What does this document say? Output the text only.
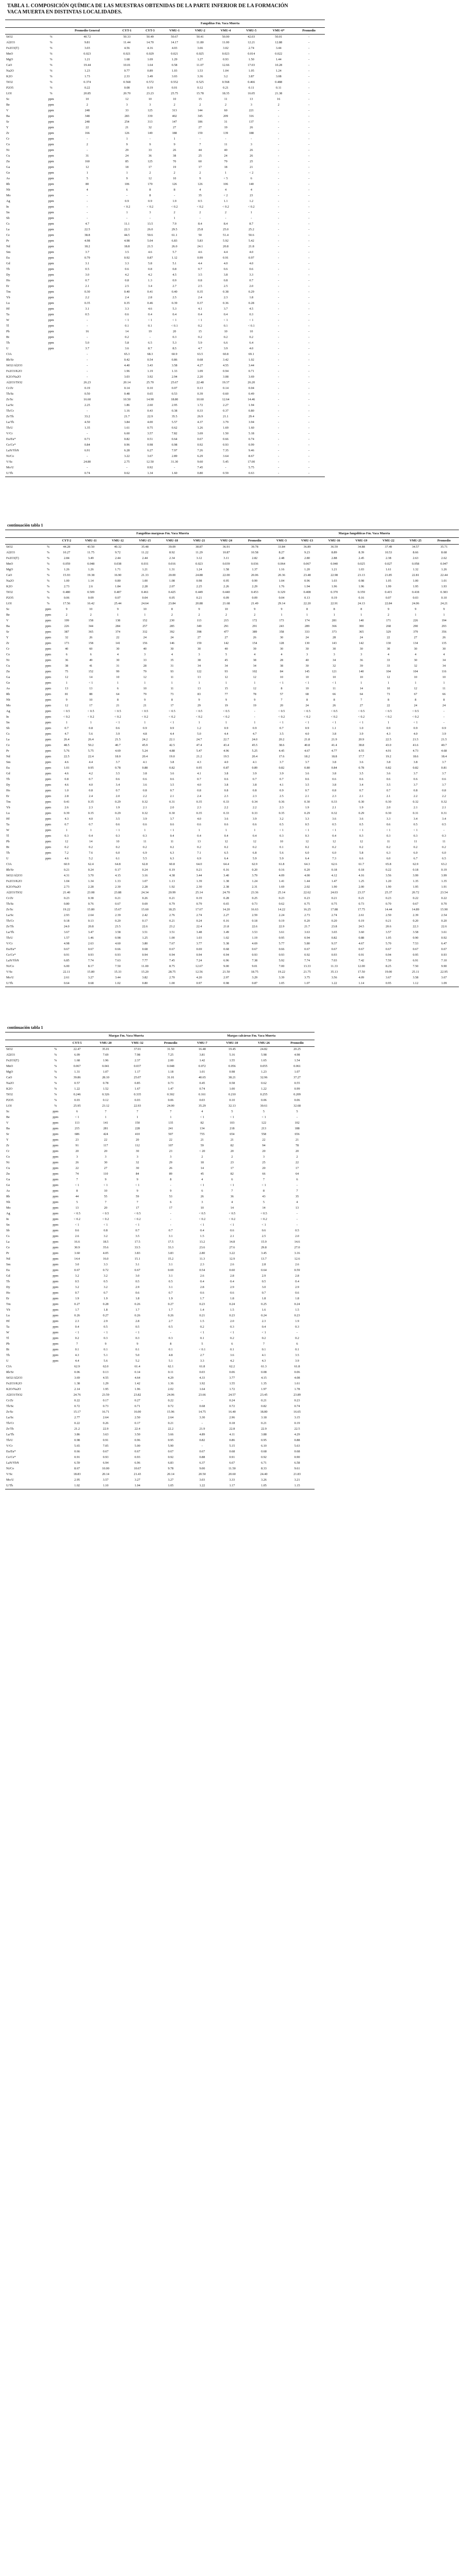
TABLA 1. COMPOSICIÓN QUÍMICA DE LAS MUESTRAS OBTENIDAS DE LA PARTE INFERIOR DE LA FORMACIÓN VACA MUERTA EN DISTINTAS LOCALIDADES.
			Fangolitas Fm. Vaca Muerta							
		Promedio General	CYT-1	CYT-3	VMU-1	VMU-2	VMU-4	VMU-5	VMU-6*	Promedio
SiO2	%	40.72	50.33	50.49	50.67	50.41	50.00	42.03	50.01	-
Al2O3	%	9.81	11.44	14.70	14.17	11.80	11.00	12.21	12.88	-
Fe2O3(T)	%	3.03	4.56	4.16	4.03	3.66	3.02	2.74	3.44	-
MnO	%	0.023	0.021	0.029	0.021	0.025	0.023	0.014	0.022	-
MgO	%	1.21	1.68	1.69	1.29	1.27	0.93	1.50	1.44	-
CaO	%	19.44	10.01	1.64	0.58	11.07	12.66	17.03	10.28	-
Na2O	%	1.23	0.77	0.89	1.03	1.53	1.04	1.05	1.24	-
K2O	%	1.73	2.33	3.49	3.03	3.36	3.2	3.87	3.08	-
TiO2	%	0.374	0.568	0.572	0.552	0.525	0.568	0.466	0.488	-
P2O5	%	0.22	0.08	0.19	0.01	0.12	0.21	0.11	0.11	-
LOI	%	20.85	20.70	23.23	25.75	15.78	18.35	16.05	21.38	-
Sc	ppm	10	12	10	10	15	11	13	16	-
Be	ppm	2	3	3	2	2	2	3	2	-
V	ppm	248	33	125	313	144	60	221	-	-
Ba	ppm	348	283	339	402	345	209	316	-	-
Sr	ppm	248	254	313	147	186	31	137	-	-
Y	ppm	22	21	32	27	27	19	26	-	-
Zr	ppm	166	126	149	188	159	139	188	-	-
Cr	ppm	-	1	-	1	-	-	-	-	-
Co	ppm	2	9	9	9	7	11	3	-	-
Ni	ppm	-	29	33	26	44	40	26	-	-
Cu	ppm	31	24	36	38	25	24	26	-	-
Zn	ppm	160	85	125	70	60	79	25	-	-
Ga	ppm	12	18	17	19	17	18	21	-	-
Ge	ppm	1	1	2	2	2	1	< 2	-	-
As	ppm	5	9	12	10	9	< 5	6	-	-
Rb	ppm	80	106	170	126	126	106	140	-	-
Nb	ppm	4	6	8	8	4	4	4	-	-
Mo	ppm	-	-	8	-	35	< 2	23	-	-
Ag	ppm	-	0.9	0.9	1.9	0.5	1.1	1.2	-	-
In	ppm	-	< 0.2	< 0.2	< 0.2	< 0.2	< 0.2	< 0.2	-	-
Sn	ppm	-	1	3	2	2	2	1	-	-
Sb	ppm	-	-	-	1	-	-	-	-	-
Cs	ppm	4.7	11.1	13.5	7.9	8.4	8.4	8.7	-	-
La	ppm	22.5	22.3	26.0	29.5	25.8	25.0	25.2	-	-
Ce	ppm	38.8	44.5	50.6	61.1	50	51.4	50.6	-	-
Pr	ppm	4.98	4.98	5.04	6.83	5.83	5.92	5.42	-	-
Nd	ppm	18.2	18.8	21.5	26.0	24.1	20.8	21.8	-	-
Sm	ppm	3.7	3.5	4.6	5.7	4.6	4.4	4.0	-	-
Eu	ppm	0.79	0.92	0.87	1.12	0.99	0.91	0.97	-	-
Gd	ppm	3.1	3.3	5.8	5.1	4.4	4.0	4.0	-	-
Tb	ppm	0.5	0.6	0.8	0.8	0.7	0.6	0.6	-	-
Dy	ppm	3.0	4.2	4.2	4.5	3.5	3.8	3.3	-	-
Ho	ppm	0.7	0.8	1.3	0.9	0.8	0.8	0.7	-	-
Er	ppm	2.1	2.5	3.4	2.7	2.5	2.5	2.0	-	-
Tm	ppm	0.30	0.40	0.41	0.40	0.35	0.38	0.29	-	-
Yb	ppm	2.2	2.4	2.8	2.5	2.4	2.3	1.8	-	-
Lu	ppm	0.35	0.35	0.46	0.39	0.37	0.36	0.28	-	-
Hf	ppm	3.1	3.3	4.6	5.3	4.1	3.7	4.5	-	-
Ta	ppm	0.5	0.6	0.4	0.4	0.4	0.4	0.3	-	-
W	ppm	-	< 1	< 1	< 1	< 1	< 1	< 1	-	-
Tl	ppm	-	0.1	0.1	< 0.1	0.2	0.1	< 0.1	-	-
Pb	ppm	16	14	19	20	15	10	10	-	-
Bi	ppm	-	0.2	-	0.3	0.2	0.2	0.2	-	-
Th	ppm	5.0	5.8	6.5	5.3	5.9	6.6	6.4	-	-
U	ppm	3.7	3.6	8.7	8.5	4.7	3.9	4.0	-	-
CIA		-	65.3	68.3	60.9	63.5	60.8	69.1	-	-
Rb/Sr		-	0.42	0.54	0.86	0.68	3.42	1.02	-	-
SiO2/Al2O3		-	4.40	3.43	3.58	4.27	4.55	3.44	-	-
Fe2O3/K2O		-	1.96	1.19	1.33	1.09	0.94	0.71	-	-
K2O/Na2O		-	3.03	3.92	2.94	2.20	3.08	3.69	-	-
Al2O3/TiO2		26.23	20.14	25.70	25.67	22.48	19.37	26.20	-	-
Cr/Zr		0.19	0.14	0.10	0.07	0.13	0.14	0.04	-	-
Th/Sc		0.50	0.48	0.65	0.53	0.39	0.60	0.49	-	-
Zr/Sc		16.60	10.50	14.90	18.80	10.60	12.64	14.46	-	-
La/Sc		2.25	1.86	2.60	2.95	1.72	2.27	1.94	-	-
Th/Cr		-	1.16	0.43	0.38	0.33	0.37	0.80	-	-
Zr/Th		33.2	21.7	22.9	35.5	26.9	21.1	29.4	-	-
La/Th		4.50	3.84	4.00	5.57	4.37	3.79	3.94	-	-
Th/U		1.35	1.61	0.75	0.62	1.26	1.69	1.60	-	-
V/Cr		-	6.60	3.57	7.82	3.69	1.50	5.18	-	-
Eu/Eu*		0.71	0.82	0.51	0.64	0.67	0.66	0.74	-	-
Ce/Ce*		0.84	0.96	0.98	0.98	0.92	0.93	0.99	-	-
LaN/YbN		6.91	6.28	6.27	7.97	7.26	7.35	9.46	-	-
Ni/Co		-	3.22	3.67	2.89	6.29	3.64	8.67	-	-
V/Sc		24.80	2.75	12.50	31.30	9.60	5.45	17.00	-	-
Mo/U		-	-	0.92	-	7.45	-	5.75	-	-
U/Th		0.74	0.62	1.34	1.60	0.80	0.59	0.63	-	-
continuación tabla 1
		Fangolitas margosas Fm. Vaca Muerta								Margas fangolíticas Fm. Vaca Muerta						
		CYT-2	VMU-11	VMU-12	VMU-15	VMU-18	VMU-21	VMU-24	Promedio	VMU-3	VMU-13	VMU-16	VMU-19	VMU-22	VMU-25	Promedio
SiO2	%	44.28	43.50	40.32	35.48	39.09	38.87	36.91	39.78	33.84	36.89	36.59	34.88	37.49	34.57	35.71
Al2O3	%	10.27	11.75	9.72	11.22	8.92	11.29	10.87	10.58	8.27	9.23	8.89	8.39	10.53	8.66	8.68
Fe2O3(T)	%	2.84	3.49	2.44	2.44	2.34	3.12	3.11	2.82	2.48	2.80	2.88	2.45	2.38	2.63	2.62
MnO	%	0.059	0.048	0.038	0.031	0.016	0.023	0.039	0.036	0.064	0.067	0.040	0.025	0.027	0.058	0.047
MgO	%	1.26	1.26	1.71	1.21	1.31	1.24	1.58	1.37	1.16	1.20	1.21	1.03	1.61	1.32	1.26
CaO	%	15.93	19.38	16.90	21.33	20.00	24.88	22.00	20.06	20.36	23.48	22.98	23.13	21.85	22.81	22.44
Na2O	%	1.00	1.14	0.80	1.00	1.08	0.98	0.95	0.99	1.04	0.96	1.03	0.98	1.05	1.00	1.01
K2O	%	2.73	2.6	1.84	2.28	2.07	2.25	2.26	2.29	1.76	1.94	1.96	1.96	1.99	1.95	1.93
TiO2	%	0.480	0.509	0.407	0.461	0.425	0.449	0.440	0.453	0.329	0.408	0.370	0.359	0.415	0.418	0.383
P2O5	%	0.06	0.09	0.07	0.04	0.05	0.21	0.09	0.09	0.04	0.13	0.19	0.16	0.07	0.03	0.10
LOI	%	17.56	16.42	25.44	24.64	23.84	20.88	21.68	21.49	29.14	22.20	22.91	24.13	22.84	24.06	24.21
Sc	ppm	9	10	9	10	8	9	10	9	9	8	8	8	9	9	9
Be	ppm	2	2	1	1	2	2	2	2	1	1	1	1	2	1	1
V	ppm	199	158	138	152	230	113	215	172	173	174	281	140	171	226	194
Ba	ppm	226	344	284	257	285	349	291	291	243	289	366	300	268	290	293
Sr	ppm	387	365	374	332	392	398	477	389	358	333	373	365	329	379	356
Y	ppm	32	26	22	24	24	27	27	26	30	24	28	24	22	27	26
Zr	ppm	173	158	141	156	146	159	142	154	128	130	143	142	130	134	135
Cr	ppm	40	60	30	40	30	30	40	39	30	30	30	30	30	30	30
Co	ppm	6	6	4	3	4	3	5	4	4	3	3	3	4	4	4
Ni	ppm	36	49	30	33	35	38	45	38	28	40	34	36	33	30	34
Cu	ppm	38	41	31	28	31	34	34	34	38	30	32	39	33	32	34
Zn	ppm	75	152	99	79	93	122	93	102	84	145	121	140	104	104	116
Ga	ppm	12	14	10	12	11	13	12	12	10	10	10	10	12	10	10
Ge	ppm	1	< 1	1	1	1	1	1	1	< 1	< 1	< 1	1	1	1	1
As	ppm	13	13	6	10	11	13	15	12	8	10	11	14	10	12	11
Rb	ppm	81	88	64	79	73	83	77	78	57	68	66	64	73	67	66
Nb	ppm	9	10	8	9	8	9	9	9	7	8	8	7	8	8	8
Mo	ppm	12	17	21	21	17	29	19	19	20	24	26	27	22	24	24
Ag	ppm	< 0.5	< 0.5	< 0.5	< 0.5	< 0.5	< 0.5	< 0.5	-	< 0.5	< 0.5	< 0.5	< 0.5	< 0.5	< 0.5	-
In	ppm	< 0.2	< 0.2	< 0.2	< 0.2	< 0.2	< 0.2	< 0.2	-	< 0.2	< 0.2	< 0.2	< 0.2	< 0.2	< 0.2	-
Sn	ppm	1	1	< 1	1	< 1	1	1	1	< 1	< 1	< 1	< 1	1	< 1	-
Sb	ppm	0.7	0.8	0.6	0.9	0.9	1.2	0.9	0.9	0.7	0.9	1.1	1.0	0.9	0.9	0.9
Cs	ppm	4.7	5.6	3.9	4.8	4.4	5.0	4.4	4.7	3.5	4.0	3.8	3.9	4.3	4.0	3.9
La	ppm	26.4	26.4	21.5	24.2	22.1	24.7	22.7	24.0	20.2	21.8	21.9	20.9	22.5	21.5	21.5
Ce	ppm	48.5	50.2	40.7	45.9	42.5	47.4	43.4	45.5	38.6	40.8	41.4	38.8	43.0	41.6	40.7
Pr	ppm	5.76	5.75	4.69	5.24	4.88	5.47	4.96	5.25	4.45	4.67	4.77	4.55	4.91	4.73	4.68
Nd	ppm	22.5	22.4	18.0	20.4	19.0	21.2	19.5	20.4	17.6	18.2	18.8	17.7	19.2	18.6	18.4
Sm	ppm	4.6	4.4	3.7	4.1	3.8	4.3	4.0	4.1	3.7	3.7	3.8	3.6	3.8	3.8	3.7
Eu	ppm	1.01	0.95	0.78	0.88	0.82	0.95	0.87	0.89	0.82	0.80	0.84	0.78	0.82	0.82	0.81
Gd	ppm	4.6	4.2	3.5	3.8	3.6	4.1	3.8	3.9	3.9	3.6	3.8	3.5	3.6	3.7	3.7
Tb	ppm	0.8	0.7	0.6	0.6	0.6	0.7	0.6	0.7	0.7	0.6	0.6	0.6	0.6	0.6	0.6
Dy	ppm	4.6	4.0	3.4	3.6	3.5	4.0	3.8	3.8	4.1	3.5	3.8	3.4	3.5	3.7	3.7
Ho	ppm	1.0	0.8	0.7	0.8	0.7	0.8	0.8	0.8	0.9	0.7	0.8	0.7	0.7	0.8	0.8
Er	ppm	2.8	2.4	2.0	2.2	2.1	2.4	2.3	2.3	2.5	2.1	2.3	2.1	2.1	2.2	2.2
Tm	ppm	0.41	0.35	0.29	0.32	0.31	0.35	0.33	0.34	0.36	0.30	0.33	0.30	0.30	0.32	0.32
Yb	ppm	2.6	2.3	1.9	2.1	2.0	2.3	2.2	2.2	2.3	1.9	2.1	1.9	2.0	2.1	2.1
Lu	ppm	0.39	0.35	0.29	0.32	0.30	0.35	0.33	0.33	0.35	0.29	0.32	0.29	0.30	0.31	0.31
Hf	ppm	4.3	4.0	3.5	3.9	3.7	4.0	3.6	3.9	3.2	3.3	3.6	3.6	3.3	3.4	3.4
Ta	ppm	0.7	0.7	0.6	0.6	0.6	0.6	0.6	0.6	0.5	0.5	0.5	0.5	0.6	0.5	0.5
W	ppm	1	1	< 1	1	< 1	1	1	1	< 1	< 1	< 1	< 1	< 1	< 1	-
Tl	ppm	0.3	0.4	0.3	0.3	0.4	0.4	0.4	0.4	0.3	0.3	0.4	0.3	0.3	0.3	0.3
Pb	ppm	12	14	10	11	11	13	12	12	10	12	12	12	11	11	11
Bi	ppm	0.2	0.2	0.2	0.2	0.2	0.2	0.2	0.2	0.1	0.2	0.2	0.2	0.2	0.2	0.2
Th	ppm	7.2	7.6	6.0	6.9	6.3	7.1	6.5	6.8	5.6	6.0	6.0	5.8	6.3	6.0	6.0
U	ppm	4.6	5.2	6.1	5.5	6.3	6.9	6.4	5.9	5.9	6.4	7.3	6.6	6.0	6.7	6.5
CIA		60.9	62.4	64.8	62.8	60.8	64.0	64.4	62.9	61.8	64.3	62.6	61.7	65.8	62.9	63.2
Rb/Sr		0.21	0.24	0.17	0.24	0.19	0.21	0.16	0.20	0.16	0.20	0.18	0.18	0.22	0.18	0.19
SiO2/Al2O3		4.31	3.70	4.15	3.16	4.38	3.44	3.40	3.79	4.09	4.00	4.12	4.16	3.56	3.99	3.99
Fe2O3/K2O		1.04	1.34	1.33	1.07	1.13	1.39	1.38	1.24	1.41	1.44	1.47	1.25	1.20	1.35	1.35
K2O/Na2O		2.73	2.28	2.30	2.28	1.92	2.30	2.38	2.31	1.69	2.02	1.90	2.00	1.90	1.95	1.91
Al2O3/TiO2		21.40	23.08	23.88	24.34	20.99	25.14	24.70	23.36	25.14	22.62	24.03	23.37	25.37	20.72	23.54
Cr/Zr		0.23	0.38	0.21	0.26	0.21	0.19	0.28	0.25	0.23	0.23	0.21	0.21	0.23	0.22	0.22
Th/Sc		0.80	0.76	0.67	0.69	0.79	0.79	0.65	0.73	0.62	0.75	0.75	0.73	0.70	0.67	0.70
Zr/Sc		19.22	15.80	15.67	15.60	18.25	17.67	14.20	16.63	14.22	16.25	17.88	17.75	14.44	14.89	15.90
La/Sc		2.93	2.64	2.39	2.42	2.76	2.74	2.27	2.59	2.24	2.73	2.74	2.61	2.50	2.39	2.54
Th/Cr		0.18	0.13	0.20	0.17	0.21	0.24	0.16	0.18	0.19	0.20	0.20	0.19	0.21	0.20	0.20
Zr/Th		24.0	20.8	23.5	22.6	23.2	22.4	21.8	22.6	22.9	21.7	23.8	24.5	20.6	22.3	22.6
La/Th		3.67	3.47	3.58	3.51	3.51	3.48	3.49	3.53	3.61	3.63	3.65	3.60	3.57	3.58	3.61
Th/U		1.57	1.46	0.98	1.25	1.00	1.03	1.02	1.19	0.95	0.94	0.82	0.88	1.05	0.90	0.92
V/Cr		4.98	2.63	4.60	3.80	7.67	3.77	5.38	4.69	5.77	5.80	9.37	4.67	5.70	7.53	6.47
Eu/Eu*		0.67	0.67	0.66	0.68	0.67	0.69	0.68	0.67	0.66	0.67	0.67	0.67	0.67	0.67	0.67
Ce/Ce*		0.91	0.93	0.93	0.94	0.94	0.94	0.94	0.93	0.93	0.92	0.93	0.91	0.94	0.95	0.93
LaN/YbN		6.85	7.74	7.63	7.77	7.45	7.24	6.96	7.38	5.92	7.74	7.03	7.42	7.59	6.91	7.10
Ni/Co		6.00	8.17	7.50	11.00	8.75	12.67	9.00	9.01	7.00	13.33	11.33	12.00	8.25	7.50	9.90
V/Sc		22.11	15.80	15.33	15.20	28.75	12.56	21.50	18.75	19.22	21.75	35.13	17.50	19.00	25.11	22.95
Mo/U		2.61	3.27	3.44	3.82	2.70	4.20	2.97	3.29	3.39	3.75	3.56	4.09	3.67	3.58	3.67
U/Th		0.64	0.68	1.02	0.80	1.00	0.97	0.98	0.87	1.05	1.07	1.22	1.14	0.95	1.12	1.09
continuación tabla 1
		Margas Fm. Vaca Muerta				Margas calcáreas Fm. Vaca Muerta			
		CYT-5	VMU-20	VMU-32	Promedio	VMU-7	VMU-10	VMU-26	Promedio
SiO2	%	22.47	35.01	37.01	31.50	16.48	19.45	24.82	20.25
Al2O3	%	6.09	7.69	7.98	7.25	3.81	5.16	5.98	4.98
Fe2O3(T)	%	1.68	1.96	2.37	2.00	1.42	1.55	1.65	1.54
MnO	%	0.067	0.041	0.037	0.048	0.072	0.056	0.055	0.061
MgO	%	1.31	1.07	1.17	1.18	1.01	0.98	1.23	1.07
CaO	%	39.86	28.10	25.07	31.01	40.65	38.21	32.96	37.27
Na2O	%	0.57	0.78	0.85	0.73	0.45	0.58	0.62	0.55
K2O	%	1.22	1.52	1.67	1.47	0.74	1.00	1.22	0.99
TiO2	%	0.246	0.326	0.335	0.302	0.161	0.210	0.255	0.209
P2O5	%	0.03	0.12	0.03	0.06	0.03	0.10	0.06	0.06
LOI	%	25.95	23.12	22.93	24.00	35.29	32.13	30.61	32.68
Sc	ppm	6	7	7	7	4	5	5	5
Be	ppm	< 1	1	1	1	< 1	< 1	< 1	-
V	ppm	113	141	150	135	82	103	122	102
Ba	ppm	215	281	228	241	134	218	213	188
Sr	ppm	686	424	410	507	755	654	558	656
Y	ppm	23	22	20	22	21	21	22	21
Zr	ppm	91	117	112	107	59	82	94	78
Cr	ppm	20	20	30	23	< 20	20	20	20
Co	ppm	3	3	3	3	2	2	3	2
Ni	ppm	26	30	32	29	18	23	25	22
Cu	ppm	22	27	30	26	14	17	20	17
Zn	ppm	74	110	84	89	45	82	66	64
Ga	ppm	7	9	9	8	4	6	7	6
Ge	ppm	< 1	< 1	< 1	-	< 1	< 1	< 1	-
As	ppm	8	10	9	9	6	7	8	7
Rb	ppm	44	55	59	53	26	36	43	35
Nb	ppm	5	7	7	6	3	4	5	4
Mo	ppm	13	20	17	17	10	14	14	13
Ag	ppm	< 0.5	< 0.5	< 0.5	-	< 0.5	< 0.5	< 0.5	-
In	ppm	< 0.2	< 0.2	< 0.2	-	< 0.2	< 0.2	< 0.2	-
Sn	ppm	< 1	< 1	< 1	-	< 1	< 1	< 1	-
Sb	ppm	0.6	0.8	0.7	0.7	0.4	0.6	0.6	0.5
Cs	ppm	2.6	3.2	3.5	3.1	1.5	2.1	2.5	2.0
La	ppm	16.6	18.5	17.5	17.5	13.2	14.8	15.9	14.6
Ce	ppm	30.9	35.6	33.5	33.3	23.6	27.6	29.8	27.0
Pr	ppm	3.60	4.05	3.83	3.83	2.80	3.22	3.45	3.16
Nd	ppm	14.4	16.0	15.1	15.2	11.3	12.9	13.7	12.6
Sm	ppm	3.0	3.3	3.1	3.1	2.3	2.6	2.8	2.6
Eu	ppm	0.67	0.72	0.67	0.69	0.54	0.60	0.64	0.59
Gd	ppm	3.2	3.2	3.0	3.1	2.6	2.8	2.9	2.8
Tb	ppm	0.5	0.5	0.5	0.5	0.4	0.4	0.5	0.4
Dy	ppm	3.2	3.2	2.9	3.1	2.8	2.9	3.0	2.9
Ho	ppm	0.7	0.7	0.6	0.7	0.6	0.6	0.7	0.6
Er	ppm	1.9	1.9	1.8	1.9	1.7	1.8	1.8	1.8
Tm	ppm	0.27	0.28	0.26	0.27	0.23	0.24	0.25	0.24
Yb	ppm	1.7	1.8	1.7	1.7	1.4	1.5	1.6	1.5
Lu	ppm	0.26	0.27	0.26	0.26	0.21	0.23	0.24	0.23
Hf	ppm	2.3	2.9	2.8	2.7	1.5	2.0	2.3	1.9
Ta	ppm	0.4	0.5	0.5	0.5	0.2	0.3	0.4	0.3
W	ppm	< 1	< 1	< 1	-	< 1	< 1	< 1	-
Tl	ppm	0.2	0.3	0.3	0.3	0.1	0.2	0.2	0.2
Pb	ppm	7	9	9	8	5	6	7	6
Bi	ppm	0.1	0.1	0.1	0.1	< 0.1	0.1	0.1	0.1
Th	ppm	4.3	5.1	5.0	4.8	2.7	3.6	4.1	3.5
U	ppm	4.4	5.6	5.2	5.1	3.3	4.2	4.3	3.9
CIA		62.9	62.0	61.4	62.1	61.8	62.2	61.3	61.8
Rb/Sr		0.06	0.13	0.14	0.11	0.03	0.06	0.08	0.06
SiO2/Al2O3		3.69	4.55	4.64	4.29	4.33	3.77	4.15	4.08
Fe2O3/K2O		1.38	1.29	1.42	1.36	1.92	1.55	1.35	1.61
K2O/Na2O		2.14	1.95	1.96	2.02	1.64	1.72	1.97	1.78
Al2O3/TiO2		24.76	23.59	23.82	24.06	23.66	24.57	23.45	23.89
Cr/Zr		0.22	0.17	0.27	0.22	-	0.24	0.21	0.23
Th/Sc		0.72	0.73	0.71	0.72	0.68	0.72	0.82	0.74
Zr/Sc		15.17	16.71	16.00	15.96	14.75	16.40	18.80	16.65
La/Sc		2.77	2.64	2.50	2.64	3.30	2.96	3.18	3.15
Th/Cr		0.22	0.26	0.17	0.21	-	0.18	0.21	0.19
Zr/Th		21.2	22.9	22.4	22.2	21.9	22.8	22.9	22.5
La/Th		3.86	3.63	3.50	3.66	4.89	4.11	3.88	4.29
Th/U		0.98	0.91	0.96	0.95	0.82	0.86	0.95	0.88
V/Cr		5.65	7.05	5.00	5.90	-	5.15	6.10	5.63
Eu/Eu*		0.66	0.67	0.67	0.67	0.67	0.68	0.68	0.68
Ce/Ce*		0.91	0.93	0.93	0.92	0.88	0.91	0.92	0.90
LaN/YbN		6.59	6.94	6.96	6.83	6.37	6.67	6.71	6.58
Ni/Co		8.67	10.00	10.67	9.78	9.00	11.50	8.33	9.61
V/Sc		18.83	20.14	21.43	20.14	20.50	20.60	24.40	21.83
Mo/U		2.95	3.57	3.27	3.27	3.03	3.33	3.26	3.21
U/Th		1.02	1.10	1.04	1.05	1.22	1.17	1.05	1.15
